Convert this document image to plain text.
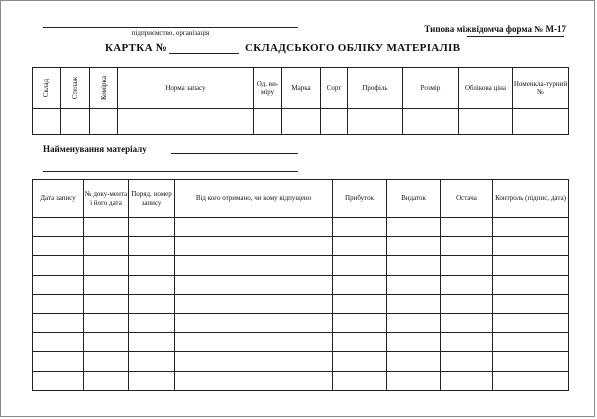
підприємство, організація	Типова міжвідомча форма № М-17
КАРТКА №	СКЛАДСЬКОГО ОБЛІКУ МАТЕРІАЛІВ
Склад	Стелаж	Комірка	Норма запасу	Од. ви-міру	Марка	Сорт	Профіль	Розмір	Облікова ціна	Номенкла-турний №

Найменування матеріалу
Дата запису	№ доку-мента і його дата	Поряд. номер запису	Від кого отримано, чи кому відпущено	Прибуток	Видаток	Остача	Контроль (підпис, дата)
